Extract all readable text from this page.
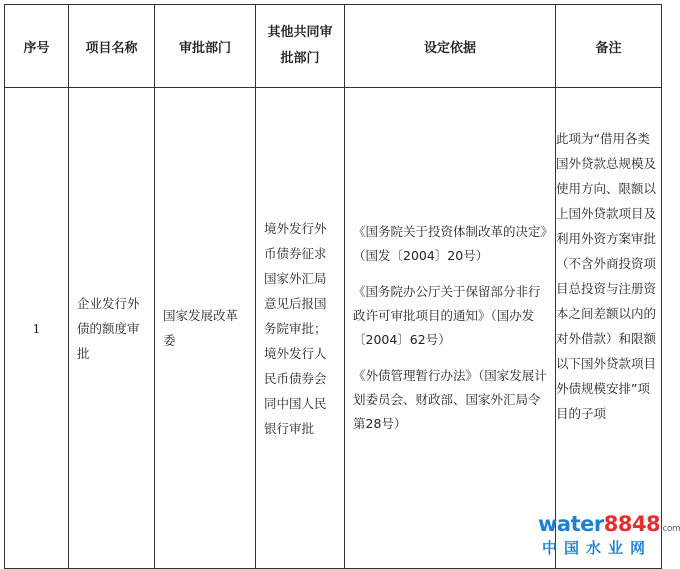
序号	项目名称	审批部门	其他共同审批部门	设定依据	备注
1	企业发行外债的额度审批	国家发展改革委	境外发行外币债券征求国家外汇局意见后报国务院审批；境外发行人民币债券会同中国人民银行审批	《国务院关于投资体制改革的决定》（国发〔2004〕20号）
《国务院办公厅关于保留部分非行政许可审批项目的通知》（国办发〔2004〕62号）
《外债管理暂行办法》（国家发展计划委员会、财政部、国家外汇局令第28号）	此项为“借用各类国外贷款总规模及使用方向、限额以上国外贷款项目及利用外资方案审批（不含外商投资项目总投资与注册资本之间差额以内的对外借款）和限额以下国外贷款项目外债规模安排”项目的子项
water8848.com
中国水业网
